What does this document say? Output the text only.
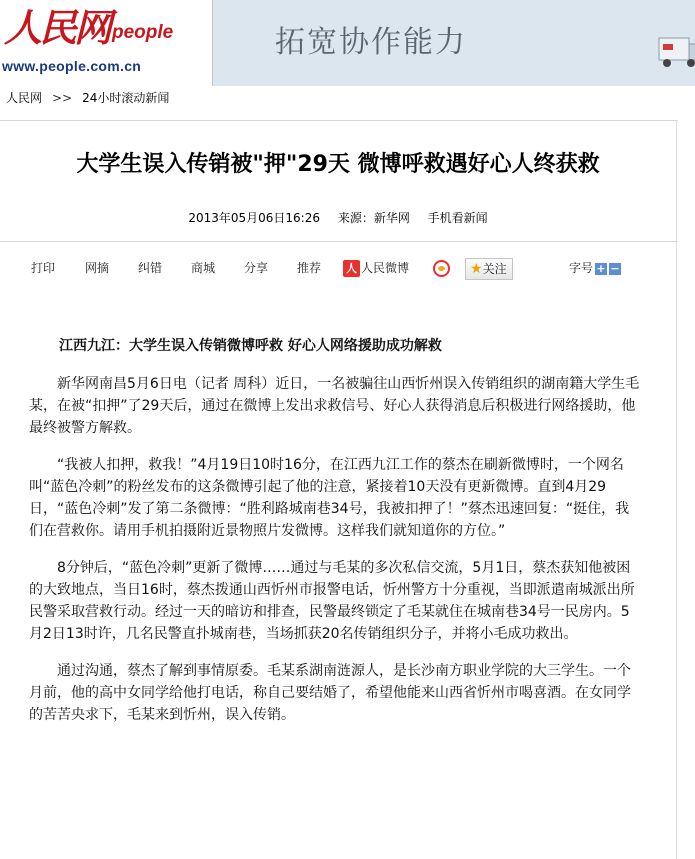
人民网 people
www.people.com.cn
拓宽协作能力
人民网 >> 24小时滚动新闻
大学生误入传销被"押"29天 微博呼救遇好心人终获救
2013年05月06日16:26 来源：新华网 手机看新闻
打印 网摘 纠错 商城 分享 推荐 人 人民微博	★关注	字号 + −
江西九江：大学生误入传销微博呼救 好心人网络援助成功解救

新华网南昌5月6日电（记者 周科）近日，一名被骗往山西忻州误入传销组织的湖南籍大学生毛某，在被“扣押”了29天后，通过在微博上发出求救信号、好心人获得消息后积极进行网络援助，他最终被警方解救。

“我被人扣押，救我！”4月19日10时16分，在江西九江工作的蔡杰在刷新微博时，一个网名叫“蓝色冷刺”的粉丝发布的这条微博引起了他的注意，紧接着10天没有更新微博。直到4月29日，“蓝色冷刺”发了第二条微博：“胜利路城南巷34号，我被扣押了！”蔡杰迅速回复：“挺住，我们在营救你。请用手机拍摄附近景物照片发微博。这样我们就知道你的方位。”

8分钟后，“蓝色冷刺”更新了微博……通过与毛某的多次私信交流，5月1日，蔡杰获知他被困的大致地点，当日16时，蔡杰拨通山西忻州市报警电话，忻州警方十分重视，当即派遣南城派出所民警采取营救行动。经过一天的暗访和排查，民警最终锁定了毛某就住在城南巷34号一民房内。5月2日13时许，几名民警直扑城南巷，当场抓获20名传销组织分子，并将小毛成功救出。

通过沟通，蔡杰了解到事情原委。毛某系湖南涟源人，是长沙南方职业学院的大三学生。一个月前，他的高中女同学给他打电话，称自己要结婚了，希望他能来山西省忻州市喝喜酒。在女同学的苦苦央求下，毛某来到忻州，误入传销。
